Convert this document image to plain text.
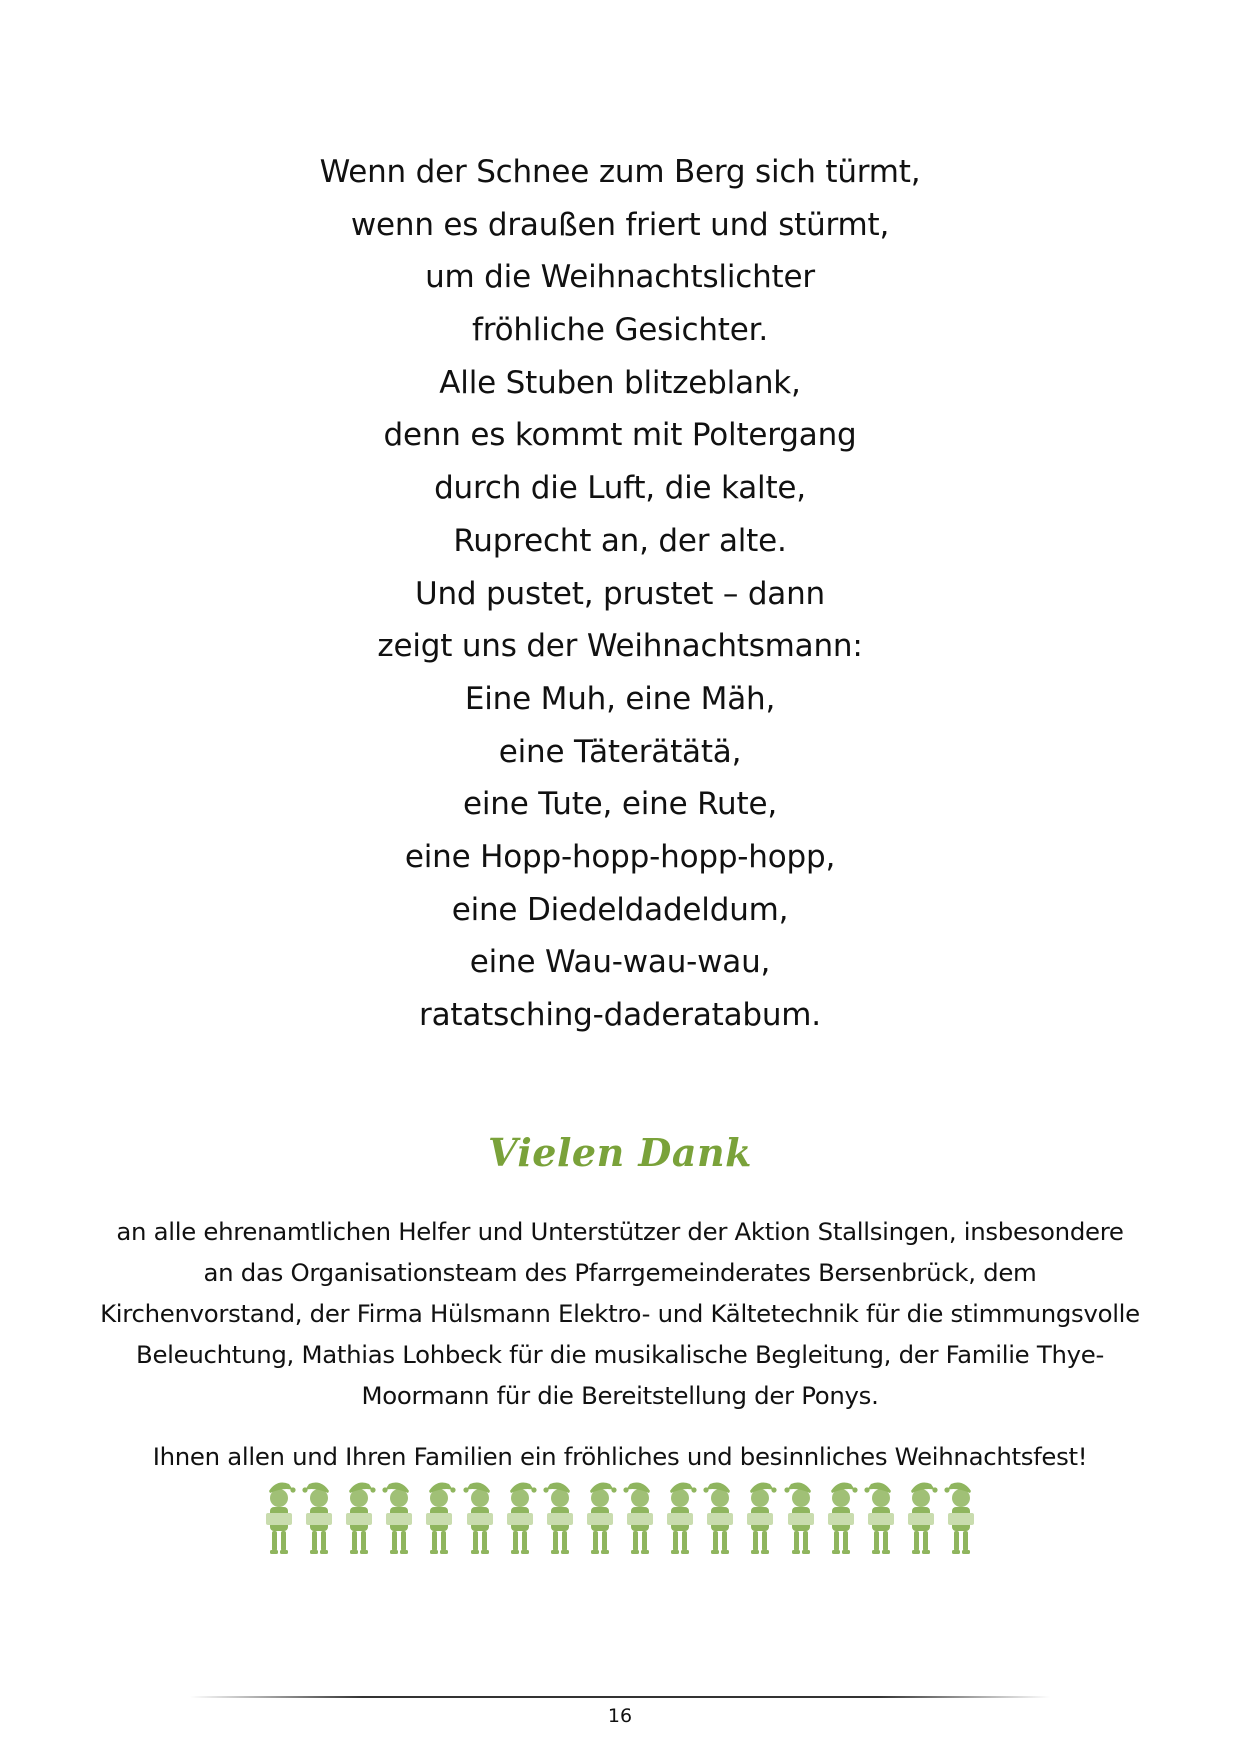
Wenn der Schnee zum Berg sich türmt,
wenn es draußen friert und stürmt,
um die Weihnachtslichter
fröhliche Gesichter.
Alle Stuben blitzeblank,
denn es kommt mit Poltergang
durch die Luft, die kalte,
Ruprecht an, der alte.
Und pustet, prustet – dann
zeigt uns der Weihnachtsmann:
Eine Muh, eine Mäh,
eine Täterätätä,
eine Tute, eine Rute,
eine Hopp-hopp-hopp-hopp,
eine Diedeldadeldum,
eine Wau-wau-wau,
ratatsching-daderatabum.
Vielen Dank
an alle ehrenamtlichen Helfer und Unterstützer der Aktion Stallsingen, insbesondere an das Organisationsteam des Pfarrgemeinderates Bersenbrück, dem Kirchenvorstand, der Firma Hülsmann Elektro- und Kältetechnik für die stimmungsvolle Beleuchtung, Mathias Lohbeck für die musikalische Begleitung, der Familie Thye-Moormann für die Bereitstellung der Ponys.
Ihnen allen und Ihren Familien ein fröhliches und besinnliches Weihnachtsfest!
16
